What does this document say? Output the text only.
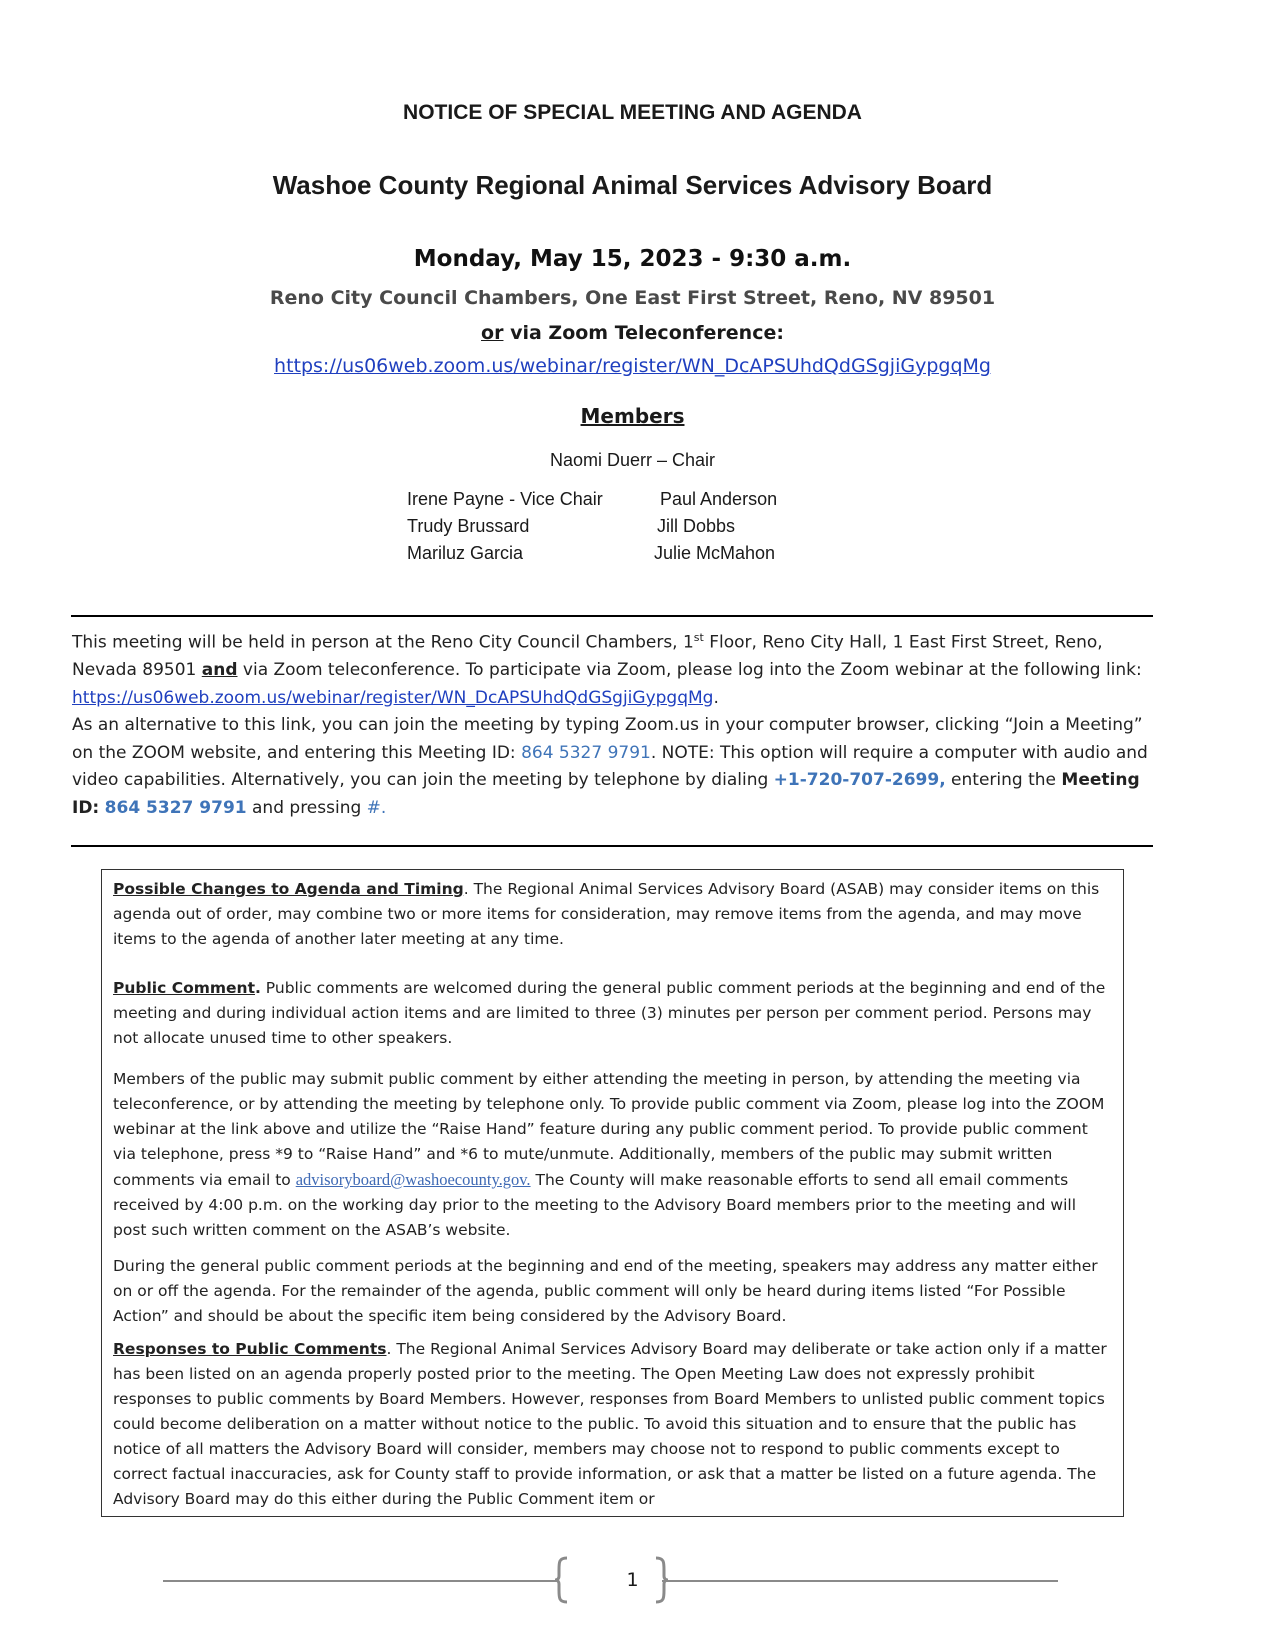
NOTICE OF SPECIAL MEETING AND AGENDA
Washoe County Regional Animal Services Advisory Board
Monday, May 15, 2023 - 9:30 a.m.
Reno City Council Chambers, One East First Street, Reno, NV 89501
or via Zoom Teleconference:
https://us06web.zoom.us/webinar/register/WN_DcAPSUhdQdGSgjiGypgqMg
Members
Naomi Duerr – Chair
Irene Payne - Vice Chair
Trudy Brussard
Mariluz Garcia
Paul Anderson
Jill Dobbs
Julie McMahon
This meeting will be held in person at the Reno City Council Chambers, 1st Floor, Reno City Hall, 1 East First Street, Reno, Nevada 89501 and via Zoom teleconference. To participate via Zoom, please log into the Zoom webinar at the following link: https://us06web.zoom.us/webinar/register/WN_DcAPSUhdQdGSgjiGypgqMg.
As an alternative to this link, you can join the meeting by typing Zoom.us in your computer browser, clicking “Join a Meeting” on the ZOOM website, and entering this Meeting ID: 864 5327 9791. NOTE: This option will require a computer with audio and video capabilities. Alternatively, you can join the meeting by telephone by dialing +1-720-707-2699, entering the Meeting ID: 864 5327 9791 and pressing #.

Possible Changes to Agenda and Timing. The Regional Animal Services Advisory Board (ASAB) may consider items on this agenda out of order, may combine two or more items for consideration, may remove items from the agenda, and may move items to the agenda of another later meeting at any time.

Public Comment. Public comments are welcomed during the general public comment periods at the beginning and end of the meeting and during individual action items and are limited to three (3) minutes per person per comment period. Persons may not allocate unused time to other speakers.

Members of the public may submit public comment by either attending the meeting in person, by attending the meeting via teleconference, or by attending the meeting by telephone only. To provide public comment via Zoom, please log into the ZOOM webinar at the link above and utilize the “Raise Hand” feature during any public comment period. To provide public comment via telephone, press *9 to “Raise Hand” and *6 to mute/unmute. Additionally, members of the public may submit written comments via email to advisoryboard@washoecounty.gov. The County will make reasonable efforts to send all email comments received by 4:00 p.m. on the working day prior to the meeting to the Advisory Board members prior to the meeting and will post such written comment on the ASAB’s website.

During the general public comment periods at the beginning and end of the meeting, speakers may address any matter either on or off the agenda. For the remainder of the agenda, public comment will only be heard during items listed “For Possible Action” and should be about the specific item being considered by the Advisory Board.

Responses to Public Comments. The Regional Animal Services Advisory Board may deliberate or take action only if a matter has been listed on an agenda properly posted prior to the meeting. The Open Meeting Law does not expressly prohibit responses to public comments by Board Members. However, responses from Board Members to unlisted public comment topics could become deliberation on a matter without notice to the public. To avoid this situation and to ensure that the public has notice of all matters the Advisory Board will consider, members may choose not to respond to public comments except to correct factual inaccuracies, ask for County staff to provide information, or ask that a matter be listed on a future agenda. The Advisory Board may do this either during the Public Comment item or

1
